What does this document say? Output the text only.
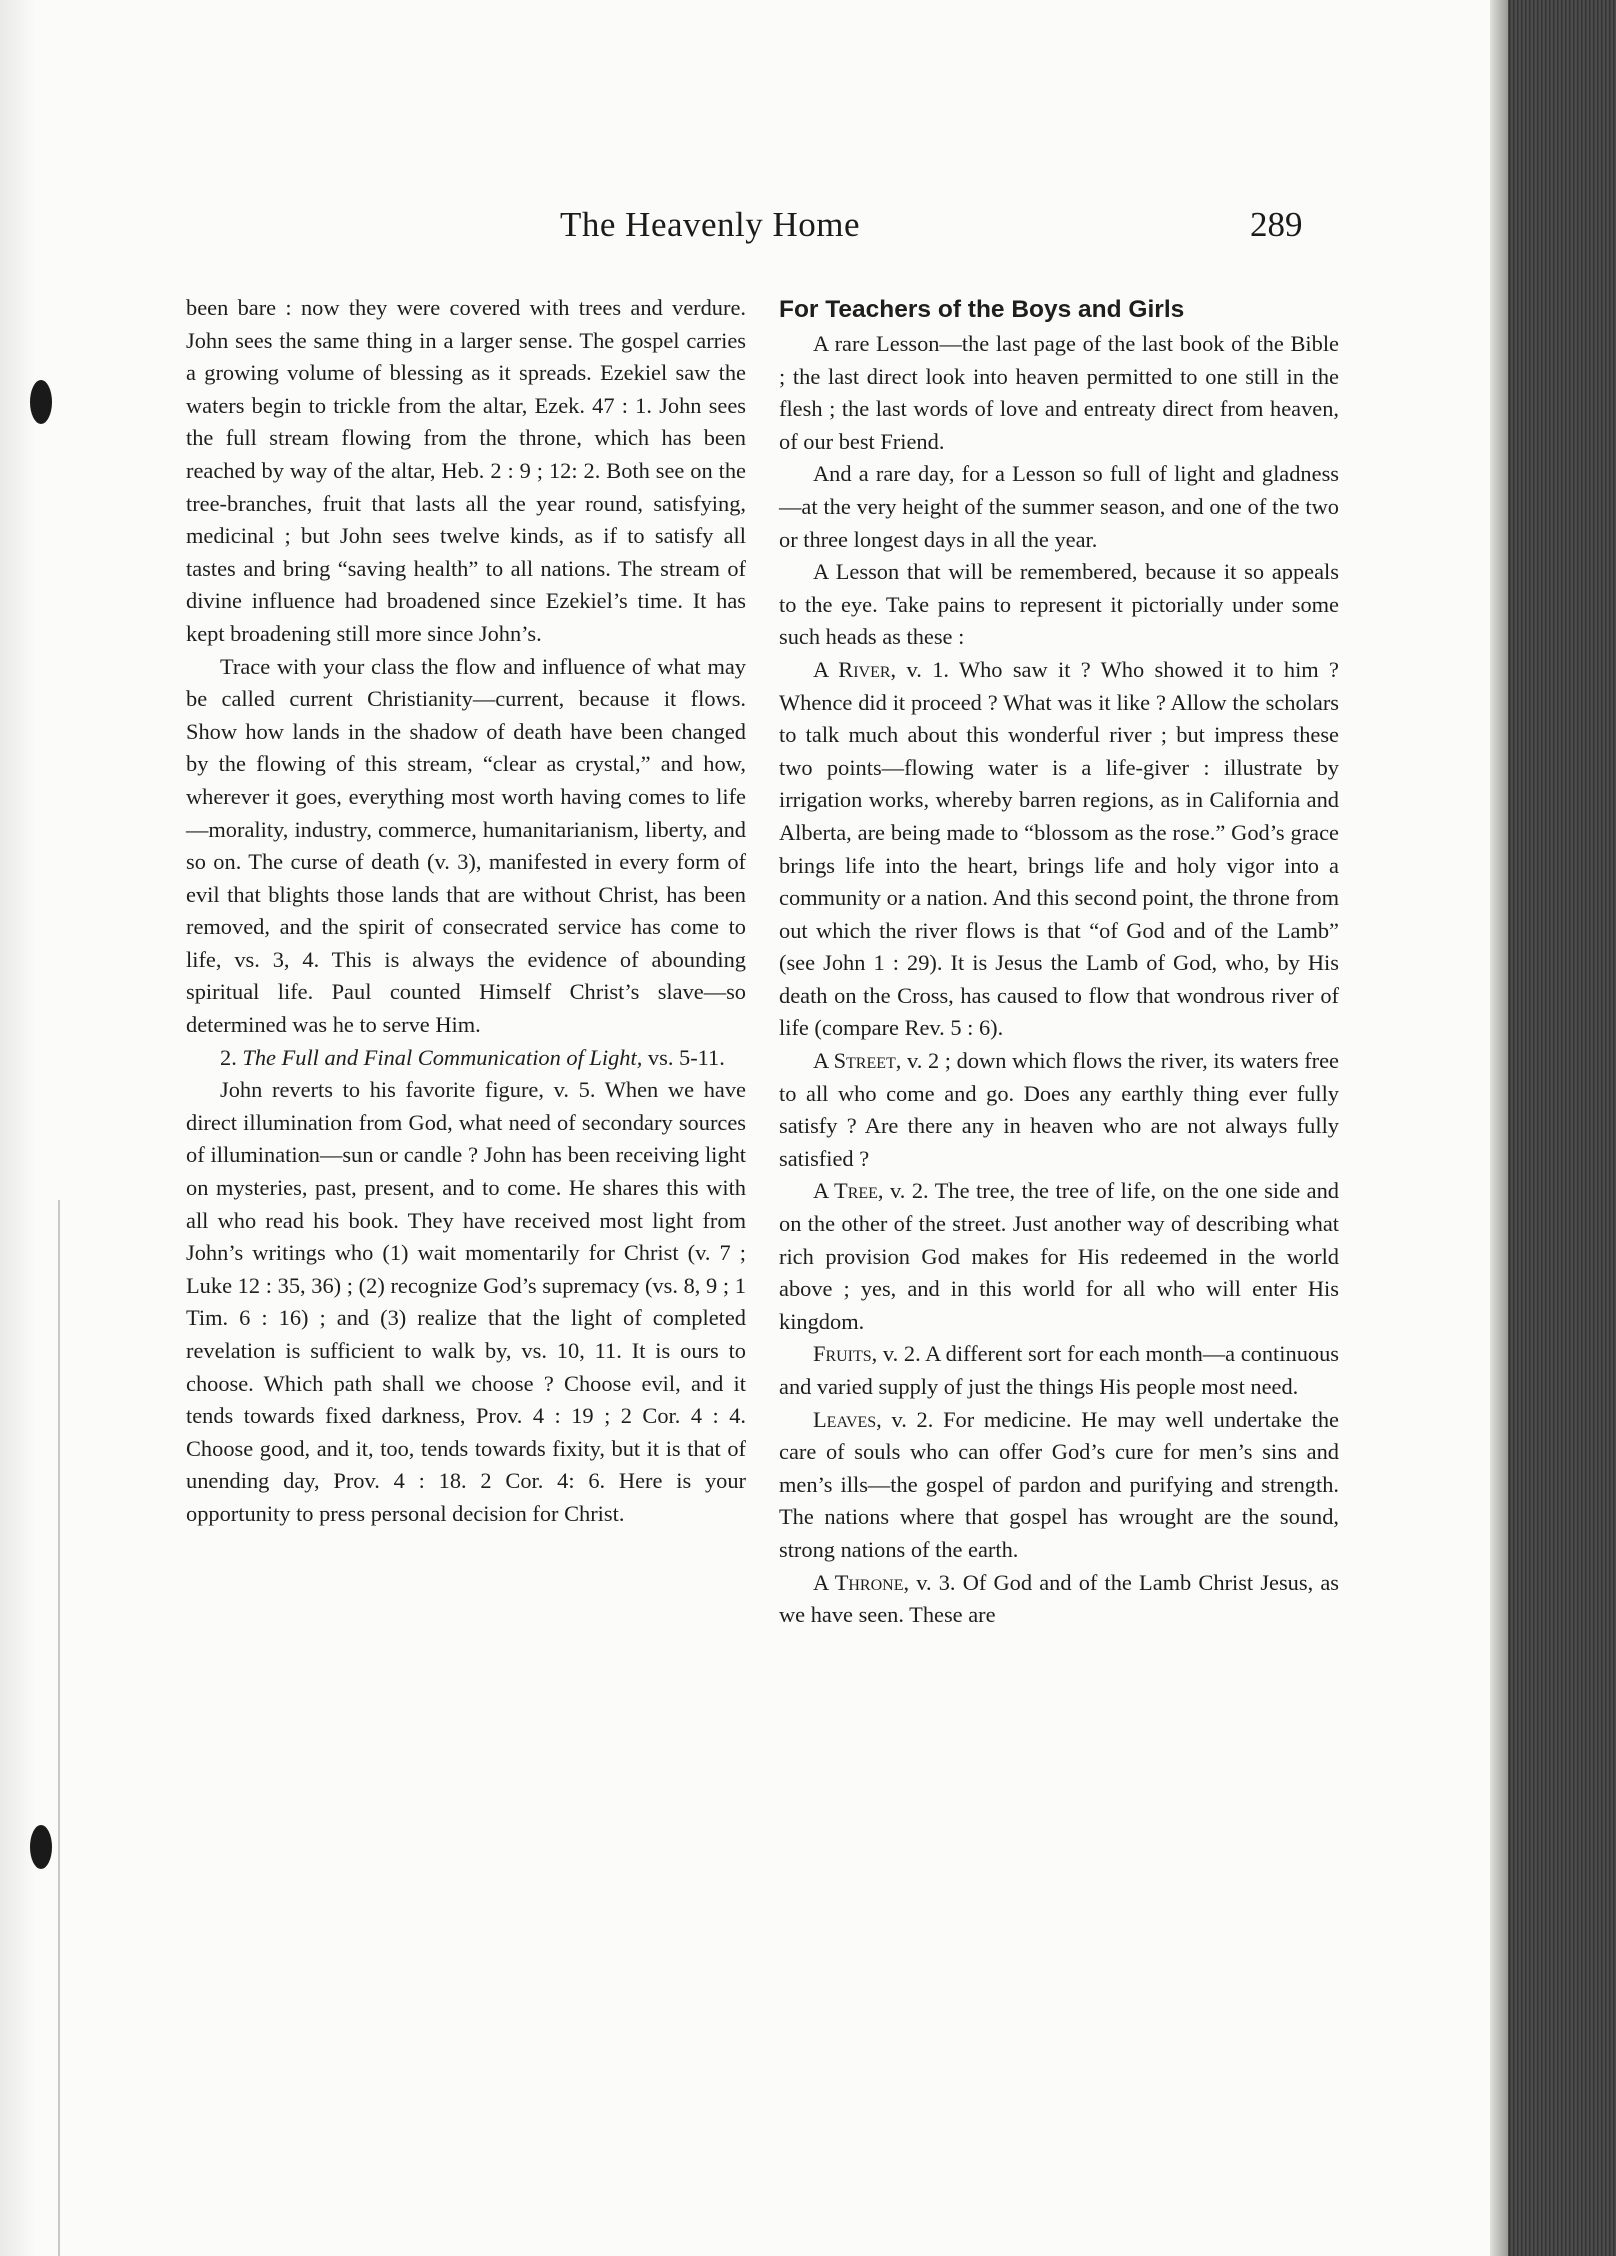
The Heavenly Home	289

been bare : now they were covered with trees and verdure. John sees the same thing in a larger sense. The gospel carries a growing volume of blessing as it spreads. Ezekiel saw the waters begin to trickle from the altar, Ezek. 47 : 1. John sees the full stream flowing from the throne, which has been reached by way of the altar, Heb. 2 : 9 ; 12: 2. Both see on the tree-branches, fruit that lasts all the year round, satisfying, medicinal ; but John sees twelve kinds, as if to satisfy all tastes and bring “saving health” to all nations. The stream of divine influence had broadened since Ezekiel’s time. It has kept broadening still more since John’s.

Trace with your class the flow and influence of what may be called current Christianity—current, because it flows. Show how lands in the shadow of death have been changed by the flowing of this stream, “clear as crystal,” and how, wherever it goes, everything most worth having comes to life—morality, industry, commerce, humanitarianism, liberty, and so on. The curse of death (v. 3), manifested in every form of evil that blights those lands that are without Christ, has been removed, and the spirit of consecrated service has come to life, vs. 3, 4. This is always the evidence of abounding spiritual life. Paul counted Himself Christ’s slave—so determined was he to serve Him.

2. The Full and Final Communication of Light, vs. 5-11.

John reverts to his favorite figure, v. 5. When we have direct illumination from God, what need of secondary sources of illumination—sun or candle ? John has been receiving light on mysteries, past, present, and to come. He shares this with all who read his book. They have received most light from John’s writings who (1) wait momentarily for Christ (v. 7 ; Luke 12 : 35, 36) ; (2) recognize God’s supremacy (vs. 8, 9 ; 1 Tim. 6 : 16) ; and (3) realize that the light of completed revelation is sufficient to walk by, vs. 10, 11. It is ours to choose. Which path shall we choose ? Choose evil, and it tends towards fixed darkness, Prov. 4 : 19 ; 2 Cor. 4 : 4. Choose good, and it, too, tends towards fixity, but it is that of unending day, Prov. 4 : 18. 2 Cor. 4: 6. Here is your opportunity to press personal decision for Christ.

For Teachers of the Boys and Girls

A rare Lesson—the last page of the last book of the Bible ; the last direct look into heaven permitted to one still in the flesh ; the last words of love and entreaty direct from heaven, of our best Friend.

And a rare day, for a Lesson so full of light and gladness—at the very height of the summer season, and one of the two or three longest days in all the year.

A Lesson that will be remembered, because it so appeals to the eye. Take pains to represent it pictorially under some such heads as these :

A River, v. 1. Who saw it ? Who showed it to him ? Whence did it proceed ? What was it like ? Allow the scholars to talk much about this wonderful river ; but impress these two points—flowing water is a life-giver : illustrate by irrigation works, whereby barren regions, as in California and Alberta, are being made to “blossom as the rose.” God’s grace brings life into the heart, brings life and holy vigor into a community or a nation. And this second point, the throne from out which the river flows is that “of God and of the Lamb” (see John 1 : 29). It is Jesus the Lamb of God, who, by His death on the Cross, has caused to flow that wondrous river of life (compare Rev. 5 : 6).

A Street, v. 2 ; down which flows the river, its waters free to all who come and go. Does any earthly thing ever fully satisfy ? Are there any in heaven who are not always fully satisfied ?

A Tree, v. 2. The tree, the tree of life, on the one side and on the other of the street. Just another way of describing what rich provision God makes for His redeemed in the world above ; yes, and in this world for all who will enter His kingdom.

Fruits, v. 2. A different sort for each month—a continuous and varied supply of just the things His people most need.

Leaves, v. 2. For medicine. He may well undertake the care of souls who can offer God’s cure for men’s sins and men’s ills—the gospel of pardon and purifying and strength. The nations where that gospel has wrought are the sound, strong nations of the earth.

A Throne, v. 3. Of God and of the Lamb Christ Jesus, as we have seen. These are
